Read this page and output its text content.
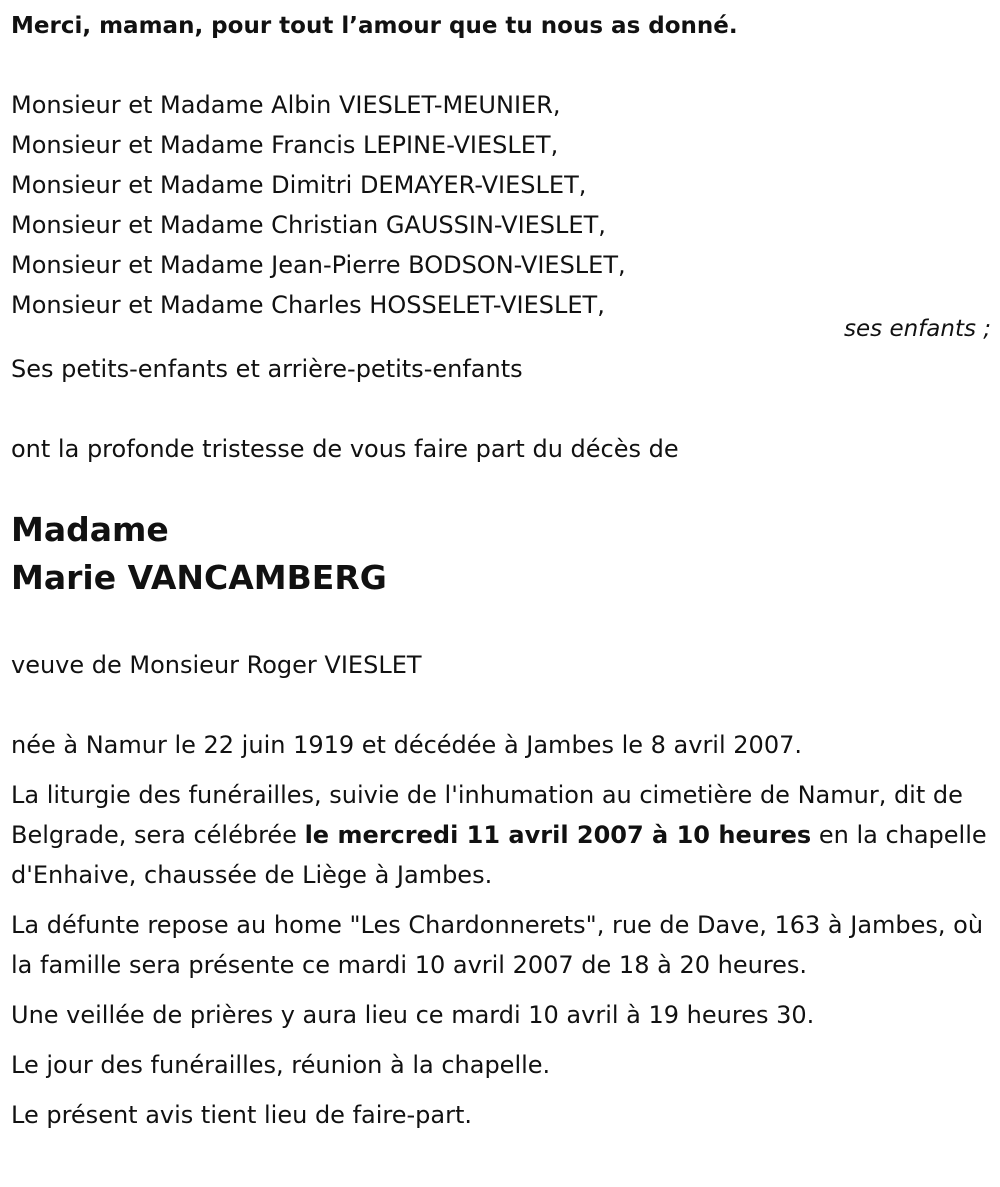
Merci, maman, pour tout l’amour que tu nous as donné.
Monsieur et Madame Albin VIESLET-MEUNIER,
Monsieur et Madame Francis LEPINE-VIESLET,
Monsieur et Madame Dimitri DEMAYER-VIESLET,
Monsieur et Madame Christian GAUSSIN-VIESLET,
Monsieur et Madame Jean-Pierre BODSON-VIESLET,
Monsieur et Madame Charles HOSSELET-VIESLET,
ses enfants ;
Ses petits-enfants et arrière-petits-enfants
ont la profonde tristesse de vous faire part du décès de
Madame
Marie VANCAMBERG
veuve de Monsieur Roger VIESLET

née à Namur le 22 juin 1919 et décédée à Jambes le 8 avril 2007.

La liturgie des funérailles, suivie de l'inhumation au cimetière de Namur, dit de Belgrade, sera célébrée le mercredi 11 avril 2007 à 10 heures en la chapelle d'Enhaive, chaussée de Liège à Jambes.

La défunte repose au home "Les Chardonnerets", rue de Dave, 163 à Jambes, où la famille sera présente ce mardi 10 avril 2007 de 18 à 20 heures.

Une veillée de prières y aura lieu ce mardi 10 avril à 19 heures 30.

Le jour des funérailles, réunion à la chapelle.

Le présent avis tient lieu de faire-part.
